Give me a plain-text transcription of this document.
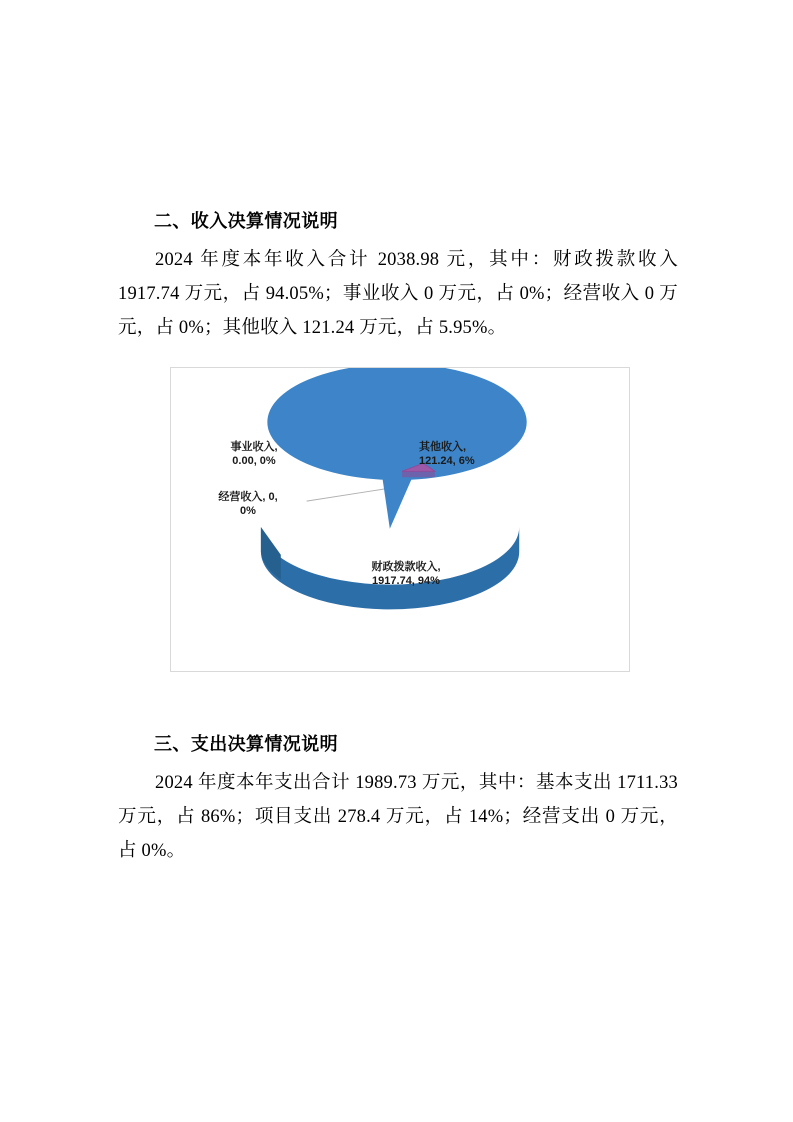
二、收入决算情况说明

2024 年度本年收入合计 2038.98 元，其中：财政拨款收入 1917.74 万元，占 94.05%；事业收入 0 万元，占 0%；经营收入 0 万元，占 0%；其他收入 121.24 万元，占 5.95%。

事业收入,
0.00, 0%
经营收入, 0,
0%
其他收入,
121.24, 6%
财政拨款收入,
1917.74, 94%
三、支出决算情况说明

2024 年度本年支出合计 1989.73 万元，其中：基本支出 1711.33 万元，占 86%；项目支出 278.4 万元，占 14%；经营支出 0 万元，占 0%。
